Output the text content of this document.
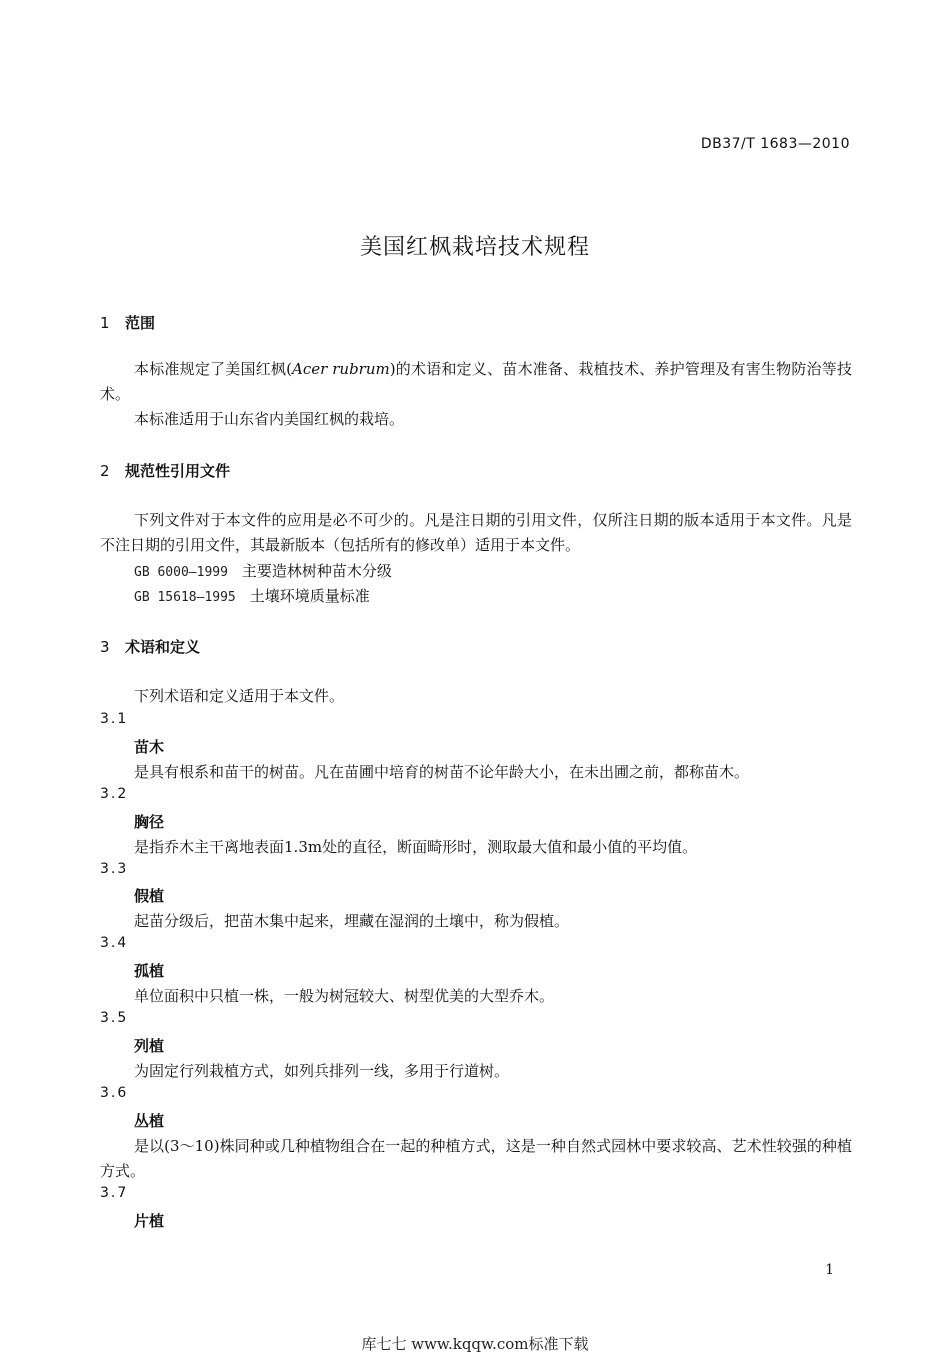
DB37/T 1683—2010
美国红枫栽培技术规程
1 范围
本标准规定了美国红枫(Acer rubrum)的术语和定义、苗木准备、栽植技术、养护管理及有害生物防治等技术。
本标准适用于山东省内美国红枫的栽培。
2 规范性引用文件
下列文件对于本文件的应用是必不可少的。凡是注日期的引用文件，仅所注日期的版本适用于本文件。凡是不注日期的引用文件，其最新版本（包括所有的修改单）适用于本文件。
GB 6000—1999 主要造林树种苗木分级
GB 15618—1995 土壤环境质量标准
3 术语和定义
下列术语和定义适用于本文件。
3.1
苗木
是具有根系和苗干的树苗。凡在苗圃中培育的树苗不论年龄大小，在未出圃之前，都称苗木。
3.2
胸径
是指乔木主干离地表面1.3m处的直径，断面畸形时，测取最大值和最小值的平均值。
3.3
假植
起苗分级后，把苗木集中起来，埋藏在湿润的土壤中，称为假植。
3.4
孤植
单位面积中只植一株，一般为树冠较大、树型优美的大型乔木。
3.5
列植
为固定行列栽植方式，如列兵排列一线，多用于行道树。
3.6
丛植
是以(3～10)株同种或几种植物组合在一起的种植方式，这是一种自然式园林中要求较高、艺术性较强的种植方式。
3.7
片植
1
库七七 www.kqqw.com标准下载
